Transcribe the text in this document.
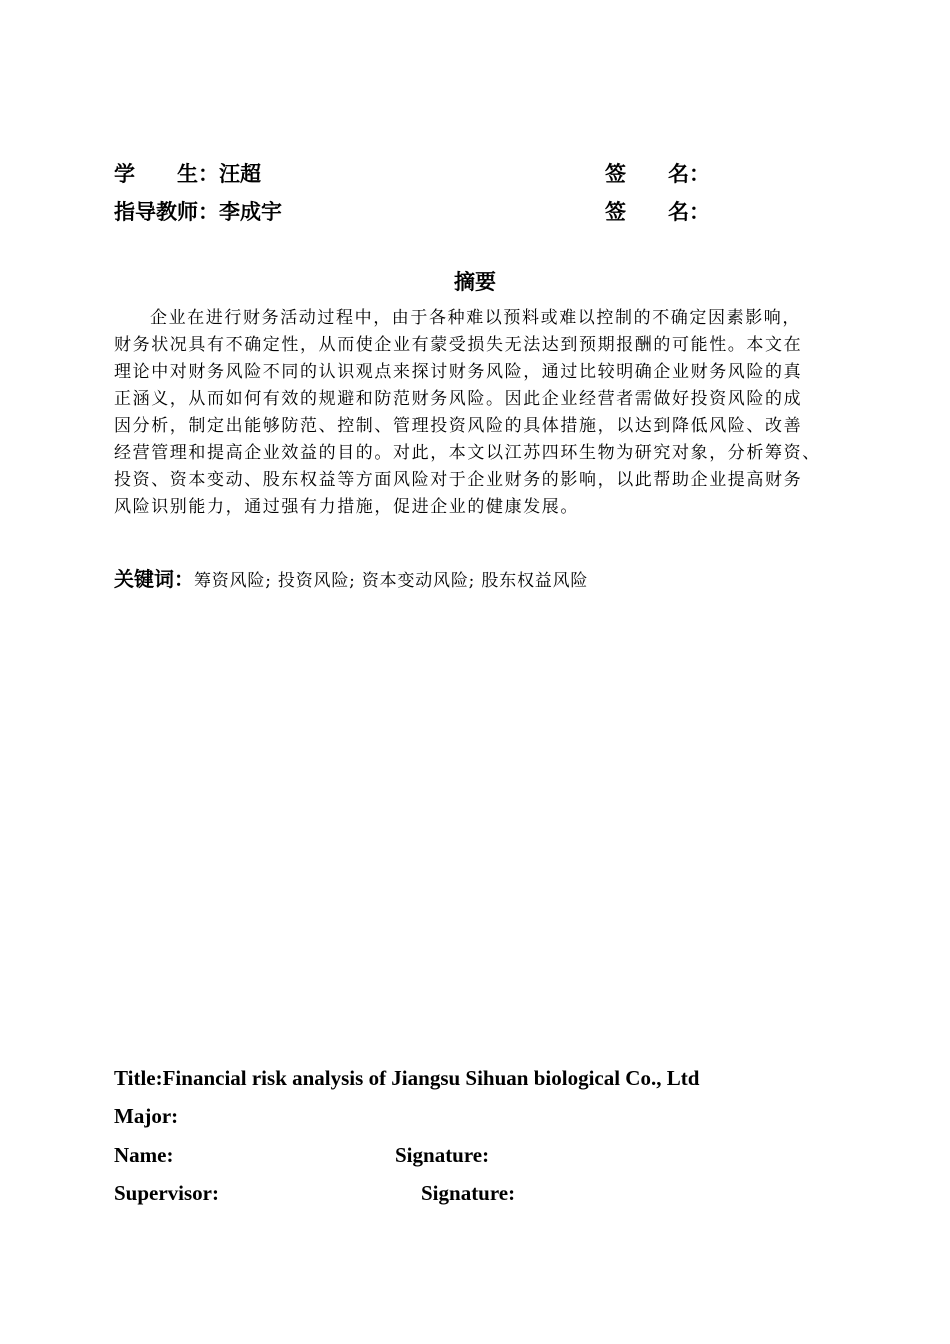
学　　生：汪超	签　　名：
指导教师：李成宇	签　　名：
摘要
企业在进行财务活动过程中，由于各种难以预料或难以控制的不确定因素影响，
财务状况具有不确定性，从而使企业有蒙受损失无法达到预期报酬的可能性。本文在
理论中对财务风险不同的认识观点来探讨财务风险，通过比较明确企业财务风险的真
正涵义，从而如何有效的规避和防范财务风险。因此企业经营者需做好投资风险的成
因分析，制定出能够防范、控制、管理投资风险的具体措施，以达到降低风险、改善
经营管理和提高企业效益的目的。对此，本文以江苏四环生物为研究对象，分析筹资、
投资、资本变动、股东权益等方面风险对于企业财务的影响，以此帮助企业提高财务
风险识别能力，通过强有力措施，促进企业的健康发展。
关键词：筹资风险; 投资风险; 资本变动风险; 股东权益风险
Title:Financial risk analysis of Jiangsu Sihuan biological Co., Ltd
Major:
Name:	Signature:
Supervisor:	Signature:
